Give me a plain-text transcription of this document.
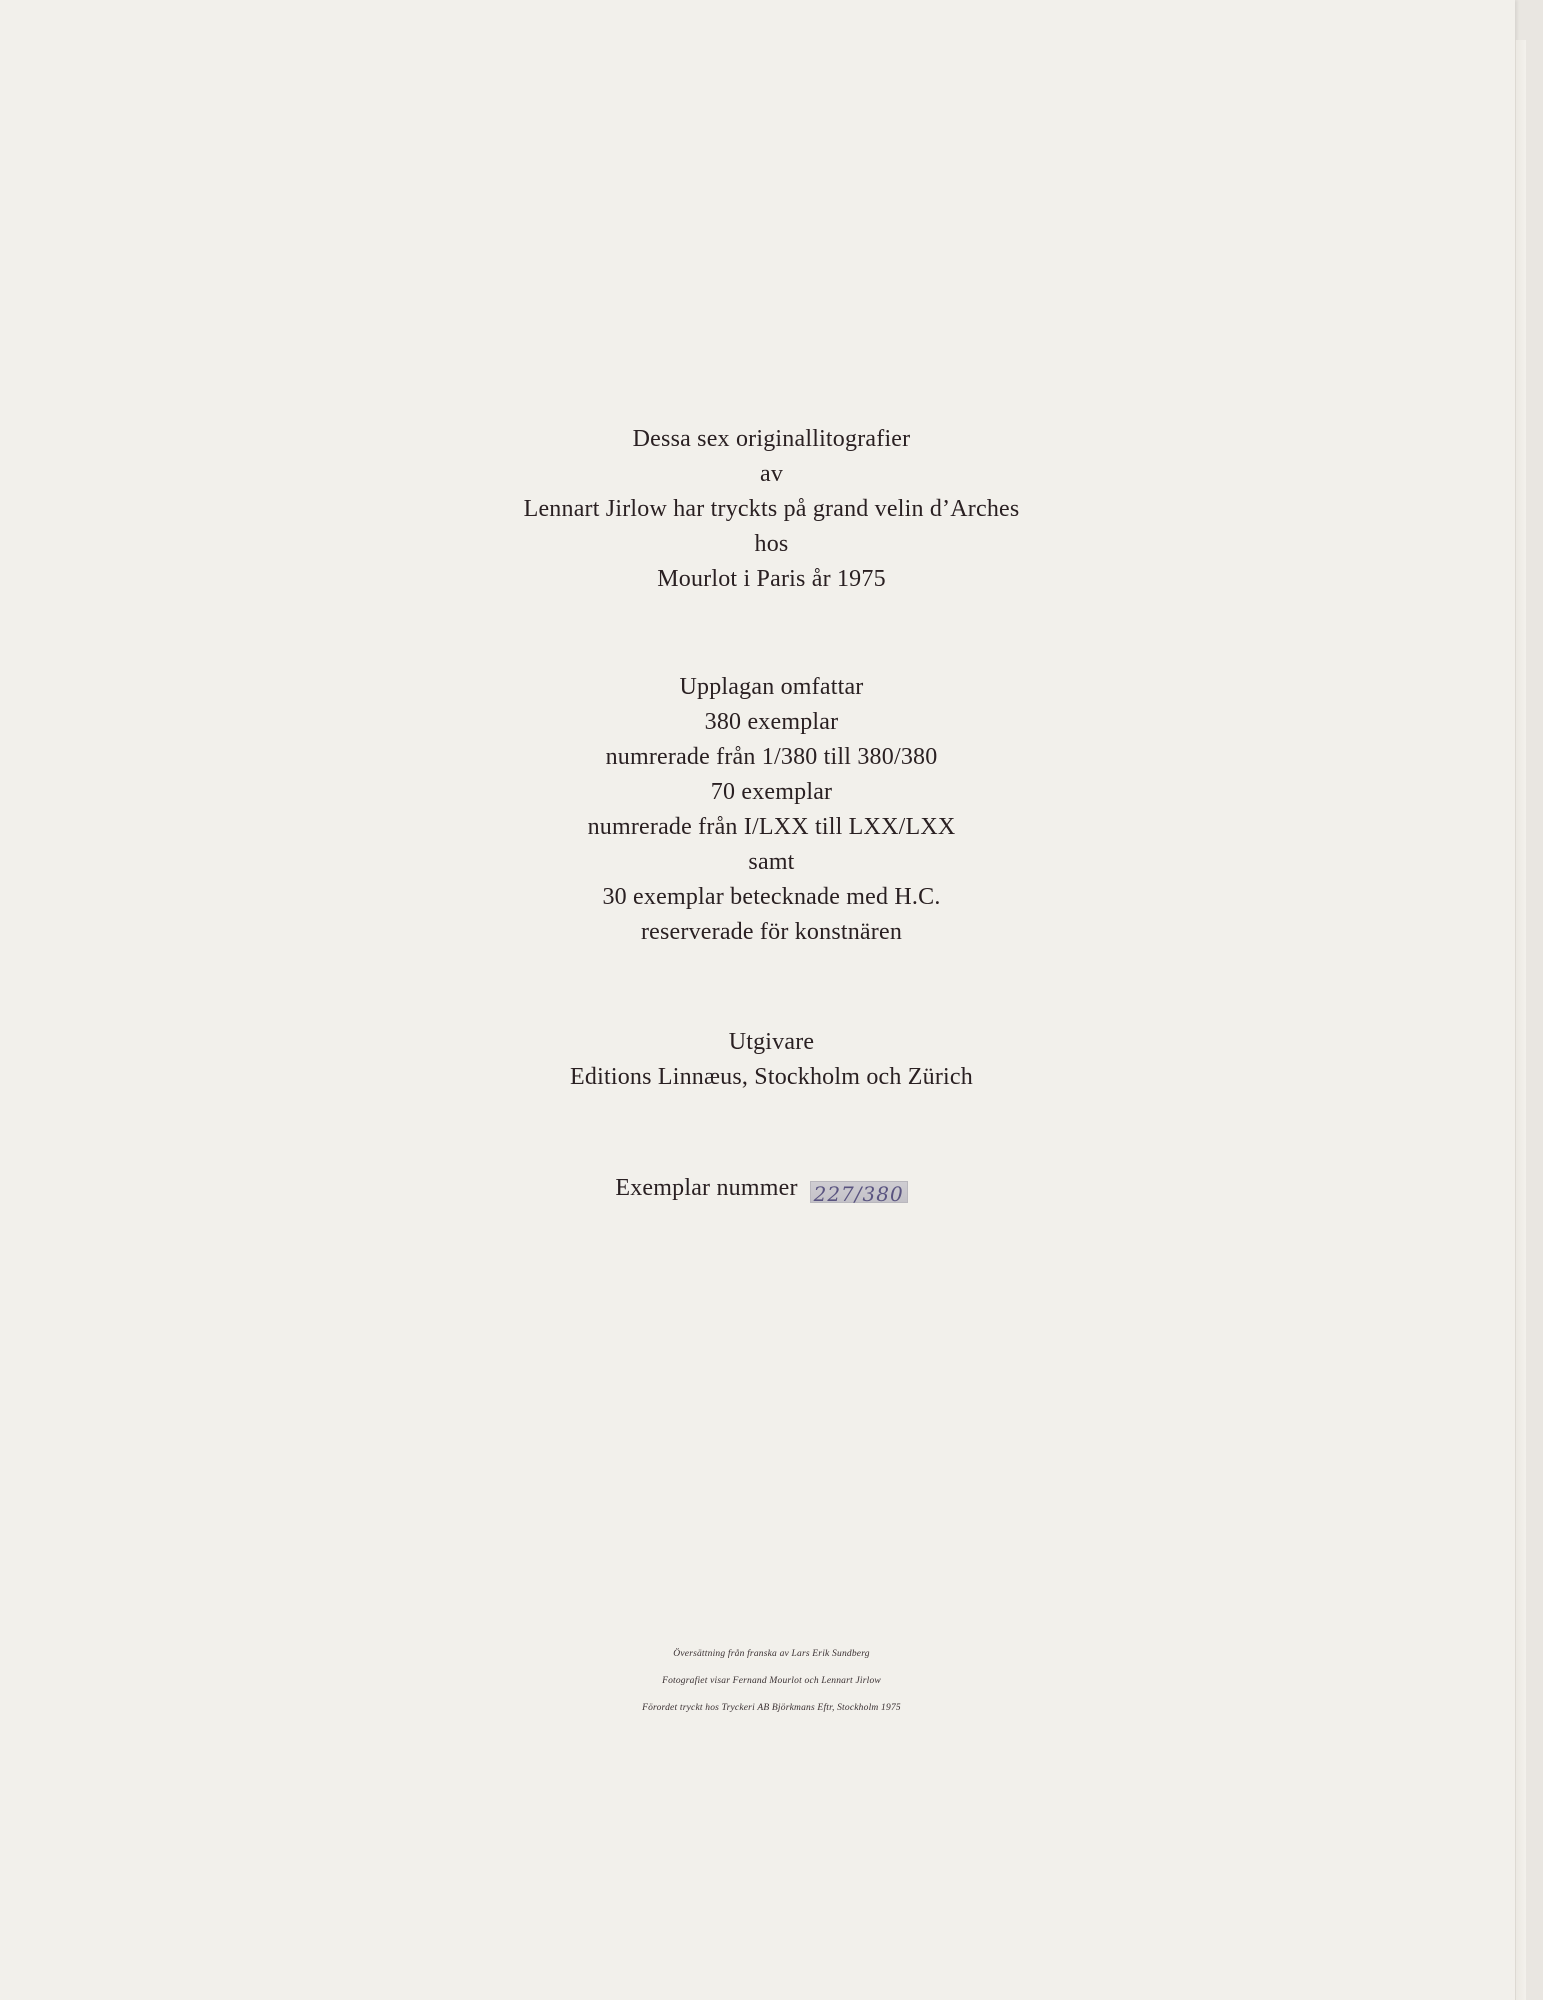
Dessa sex originallitografier
av
Lennart Jirlow har tryckts på grand velin d’Arches
hos
Mourlot i Paris år 1975
Upplagan omfattar
380 exemplar
numrerade från 1/380 till 380/380
70 exemplar
numrerade från I/LXX till LXX/LXX
samt
30 exemplar betecknade med H.C.
reserverade för konstnären
Utgivare
Editions Linnæus, Stockholm och Zürich
Exemplar nummer 227/380
Översättning från franska av Lars Erik Sundberg
Fotografiet visar Fernand Mourlot och Lennart Jirlow
Förordet tryckt hos Tryckeri AB Björkmans Eftr, Stockholm 1975
